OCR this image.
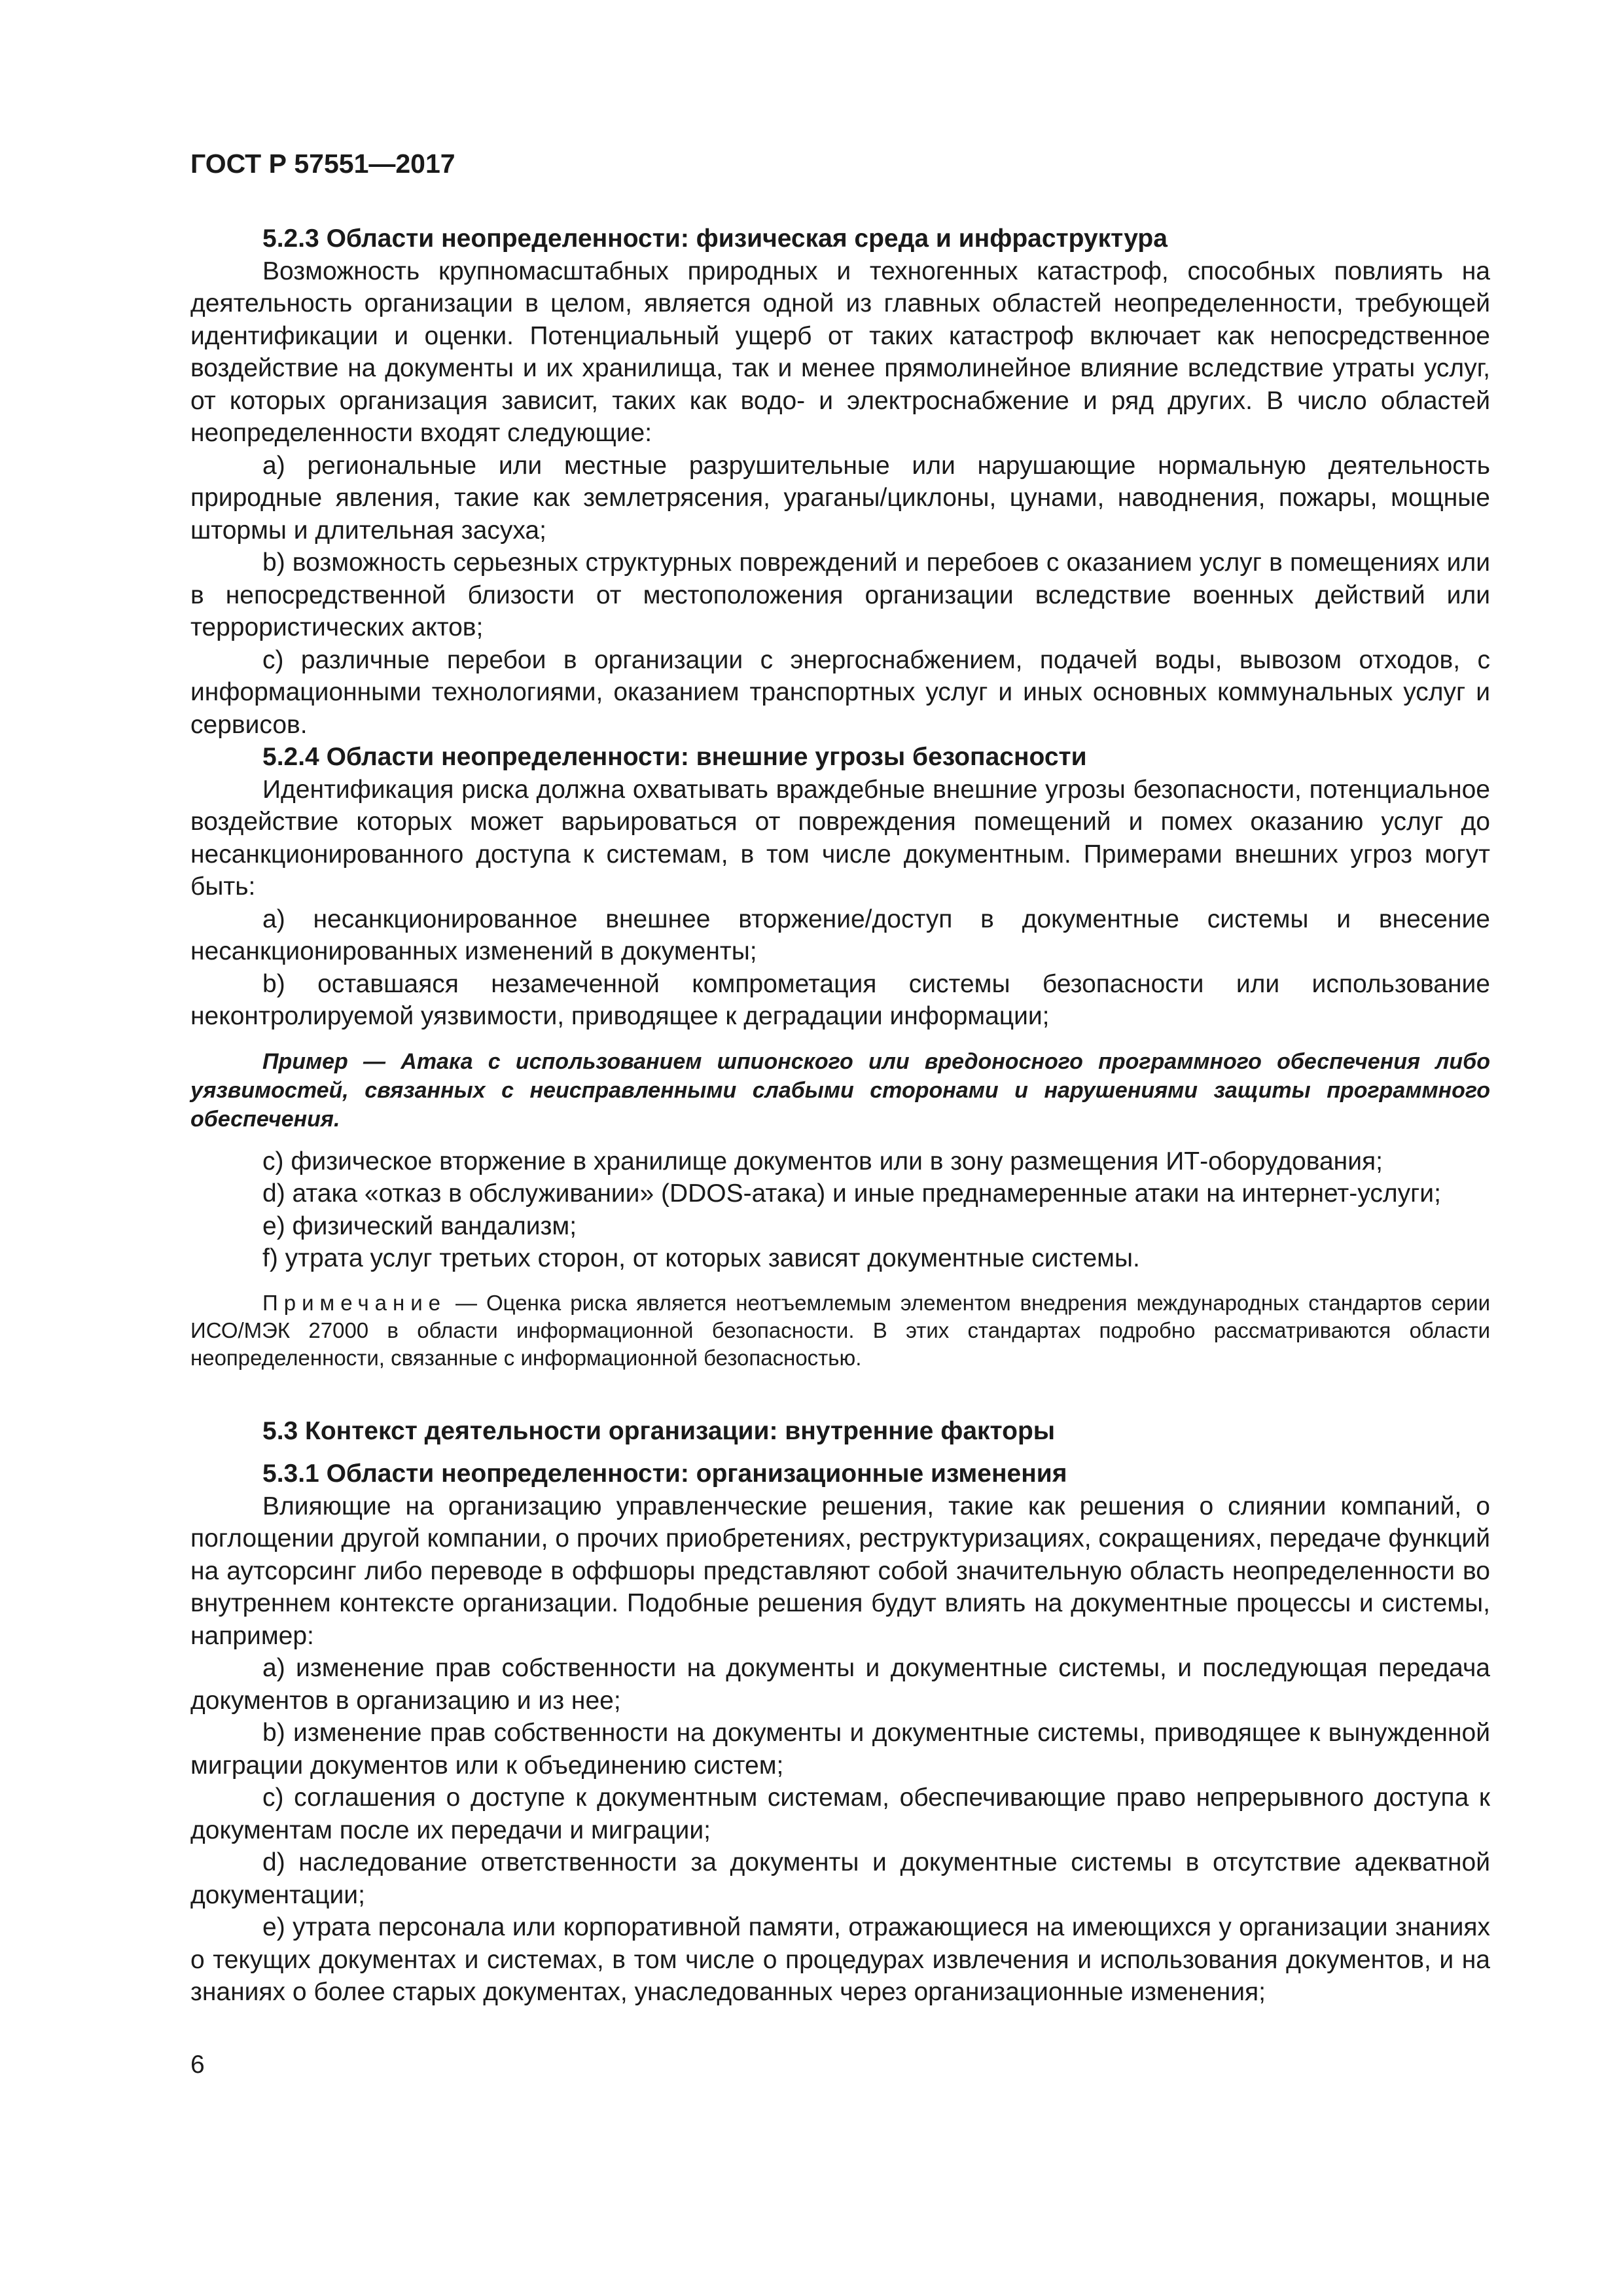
ГОСТ Р 57551—2017

5.2.3 Области неопределенности: физическая среда и инфраструктура

Возможность крупномасштабных природных и техногенных катастроф, способных повлиять на деятельность организации в целом, является одной из главных областей неопределенности, требующей идентификации и оценки. Потенциальный ущерб от таких катастроф включает как непосредственное воздействие на документы и их хранилища, так и менее прямолинейное влияние вследствие утраты услуг, от которых организация зависит, таких как водо- и электроснабжение и ряд других. В число областей неопределенности входят следующие:

а) региональные или местные разрушительные или нарушающие нормальную деятельность природные явления, такие как землетрясения, ураганы/циклоны, цунами, наводнения, пожары, мощные штормы и длительная засуха;

b) возможность серьезных структурных повреждений и перебоев с оказанием услуг в помещениях или в непосредственной близости от местоположения организации вследствие военных действий или террористических актов;

с) различные перебои в организации с энергоснабжением, подачей воды, вывозом отходов, с информационными технологиями, оказанием транспортных услуг и иных основных коммунальных услуг и сервисов.

5.2.4 Области неопределенности: внешние угрозы безопасности

Идентификация риска должна охватывать враждебные внешние угрозы безопасности, потенциальное воздействие которых может варьироваться от повреждения помещений и помех оказанию услуг до несанкционированного доступа к системам, в том числе документным. Примерами внешних угроз могут быть:

а) несанкционированное внешнее вторжение/доступ в документные системы и внесение несанкционированных изменений в документы;

b) оставшаяся незамеченной компрометация системы безопасности или использование неконтролируемой уязвимости, приводящее к деградации информации;

Пример — Атака с использованием шпионского или вредоносного программного обеспечения либо уязвимостей, связанных с неисправленными слабыми сторонами и нарушениями защиты программного обеспечения.

с) физическое вторжение в хранилище документов или в зону размещения ИТ-оборудования;

d) атака «отказ в обслуживании» (DDOS-атака) и иные преднамеренные атаки на интернет-услуги;

е) физический вандализм;

f) утрата услуг третьих сторон, от которых зависят документные системы.

Примечание — Оценка риска является неотъемлемым элементом внедрения международных стандартов серии ИСО/МЭК 27000 в области информационной безопасности. В этих стандартах подробно рассматриваются области неопределенности, связанные с информационной безопасностью.

5.3 Контекст деятельности организации: внутренние факторы

5.3.1 Области неопределенности: организационные изменения

Влияющие на организацию управленческие решения, такие как решения о слиянии компаний, о поглощении другой компании, о прочих приобретениях, реструктуризациях, сокращениях, передаче функций на аутсорсинг либо переводе в оффшоры представляют собой значительную область неопределенности во внутреннем контексте организации. Подобные решения будут влиять на документные процессы и системы, например:

а) изменение прав собственности на документы и документные системы, и последующая передача документов в организацию и из нее;

b) изменение прав собственности на документы и документные системы, приводящее к вынужденной миграции документов или к объединению систем;

с) соглашения о доступе к документным системам, обеспечивающие право непрерывного доступа к документам после их передачи и миграции;

d) наследование ответственности за документы и документные системы в отсутствие адекватной документации;

е) утрата персонала или корпоративной памяти, отражающиеся на имеющихся у организации знаниях о текущих документах и системах, в том числе о процедурах извлечения и использования документов, и на знаниях о более старых документах, унаследованных через организационные изменения;

6
